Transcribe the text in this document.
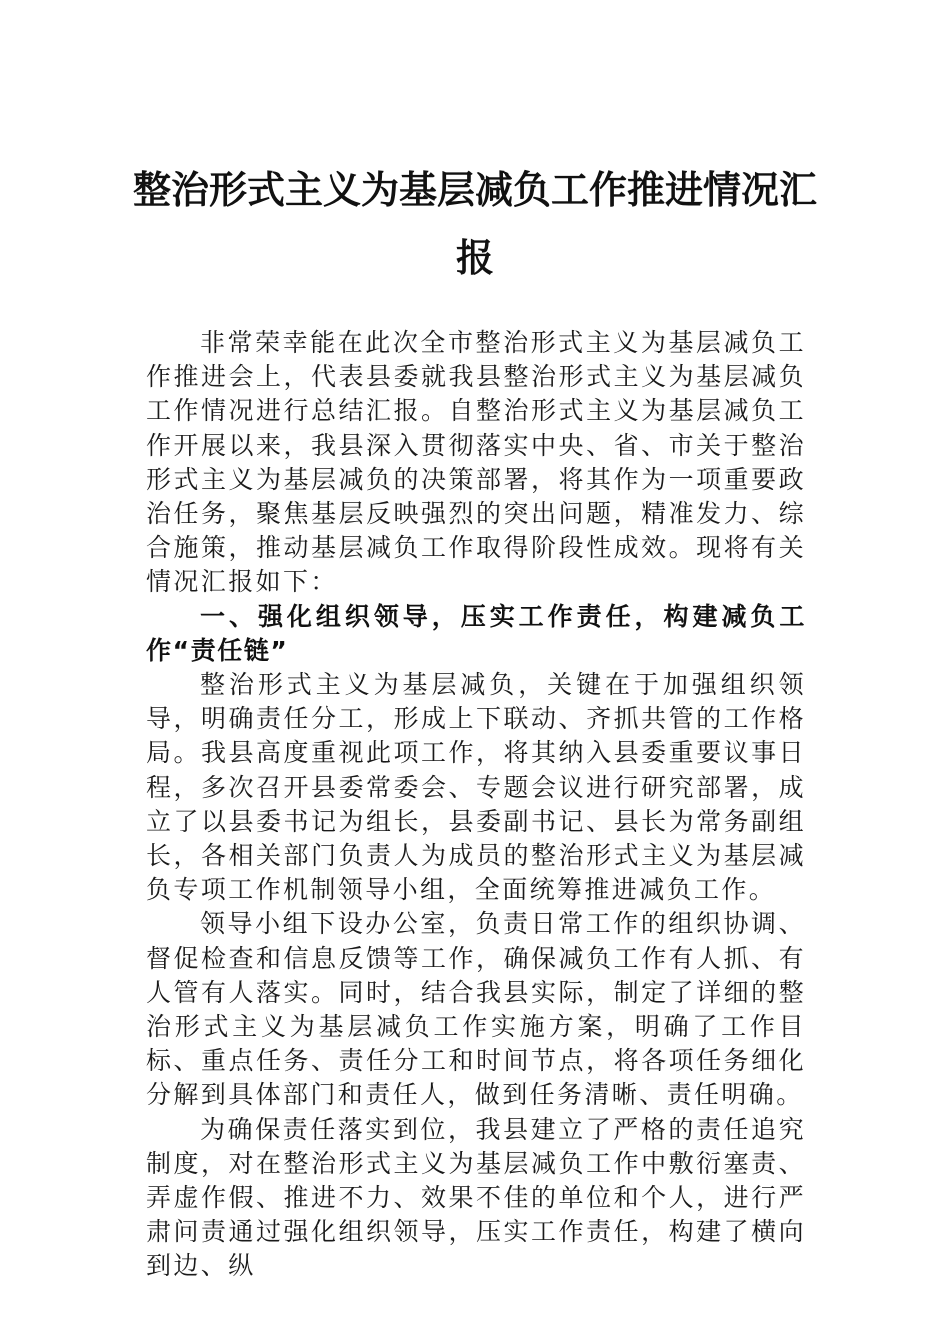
整治形式主义为基层减负工作推进情况汇
报

非常荣幸能在此次全市整治形式主义为基层减负工作推进会上，代表县委就我县整治形式主义为基层减负工作情况进行总结汇报。自整治形式主义为基层减负工作开展以来，我县深入贯彻落实中央、省、市关于整治形式主义为基层减负的决策部署，将其作为一项重要政治任务，聚焦基层反映强烈的突出问题，精准发力、综合施策，推动基层减负工作取得阶段性成效。现将有关情况汇报如下：

一、强化组织领导，压实工作责任，构建减负工作“责任链”

整治形式主义为基层减负，关键在于加强组织领导，明确责任分工，形成上下联动、齐抓共管的工作格局。我县高度重视此项工作，将其纳入县委重要议事日程，多次召开县委常委会、专题会议进行研究部署，成立了以县委书记为组长，县委副书记、县长为常务副组长，各相关部门负责人为成员的整治形式主义为基层减负专项工作机制领导小组，全面统筹推进减负工作。

领导小组下设办公室，负责日常工作的组织协调、督促检查和信息反馈等工作，确保减负工作有人抓、有人管有人落实。同时，结合我县实际，制定了详细的整治形式主义为基层减负工作实施方案，明确了工作目标、重点任务、责任分工和时间节点，将各项任务细化分解到具体部门和责任人，做到任务清晰、责任明确。

为确保责任落实到位，我县建立了严格的责任追究制度，对在整治形式主义为基层减负工作中敷衍塞责、弄虚作假、推进不力、效果不佳的单位和个人，进行严肃问责通过强化组织领导，压实工作责任，构建了横向到边、纵
